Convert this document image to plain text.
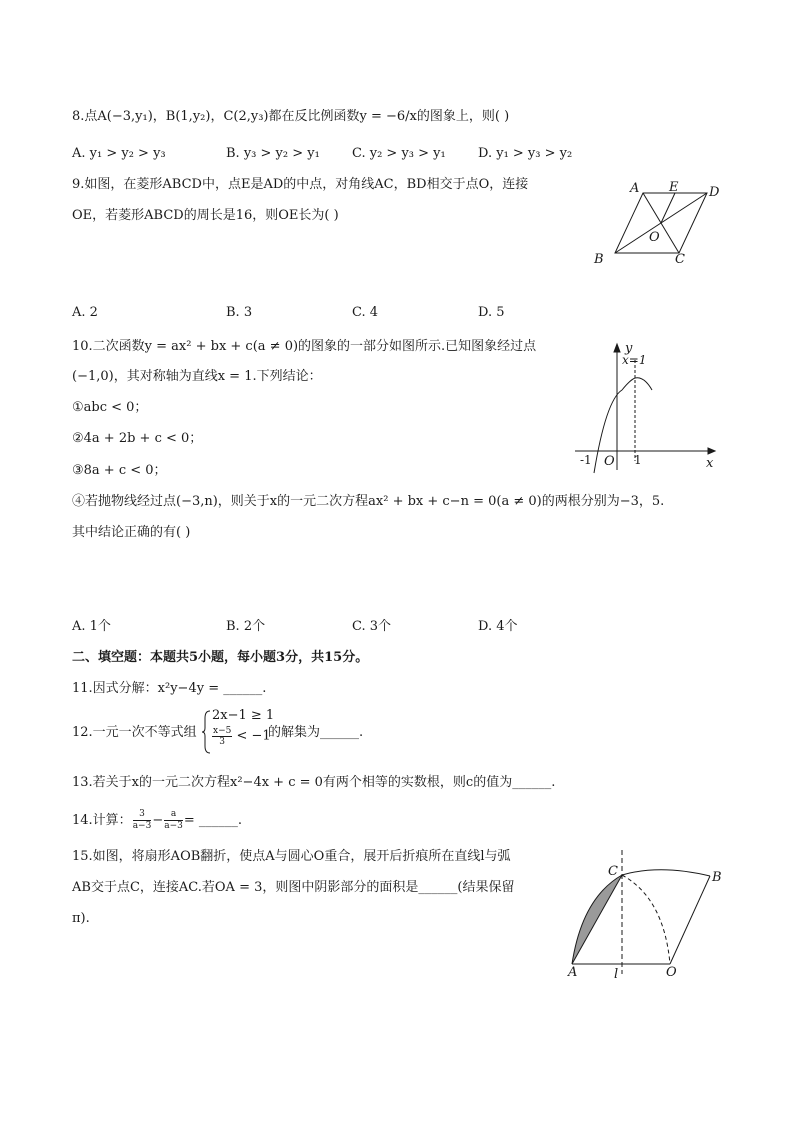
8.点A(−3,y₁)，B(1,y₂)，C(2,y₃)都在反比例函数y = −6/x的图象上，则( )
A. y₁ > y₂ > y₃	B. y₃ > y₂ > y₁ C. y₂ > y₃ > y₁ D. y₁ > y₃ > y₂
9.如图，在菱形ABCD中，点E是AD的中点，对角线AC，BD相交于点O，连接
OE，若菱形ABCD的周长是16，则OE长为( )
A E D
O
B	C
A. 2	B. 3	C. 4	D. 5
10.二次函数y = ax² + bx + c(a ≠ 0)的图象的一部分如图所示.已知图象经过点
(−1,0)，其对称轴为直线x = 1.下列结论：
①abc < 0；
②4a + 2b + c < 0；
③8a + c < 0；
④若抛物线经过点(−3,n)，则关于x的一元二次方程ax² + bx + c−n = 0(a ≠ 0)的两根分别为−3，5.
其中结论正确的有( )
y
x=1
O
-1	1	x
A. 1个	B. 2个	C. 3个	D. 4个
二、填空题：本题共5小题，每小题3分，共15分。
11.因式分解：x²y−4y = ______.
12.一元一次不等式组
2x−1 ≥ 1
$\frac{x-5}{3} < -1$
的解集为______.
13.若关于x的一元二次方程x²−4x + c = 0有两个相等的实数根，则c的值为______.
14.计算： $\frac{3}{a-3} - \frac{a}{a-3}$ = ______.
15.如图，将扇形AOB翻折，使点A与圆心O重合，展开后折痕所在直线l与弧
AB交于点C，连接AC.若OA = 3，则图中阴影部分的面积是______(结果保留
π).
C	B
A	l	O
